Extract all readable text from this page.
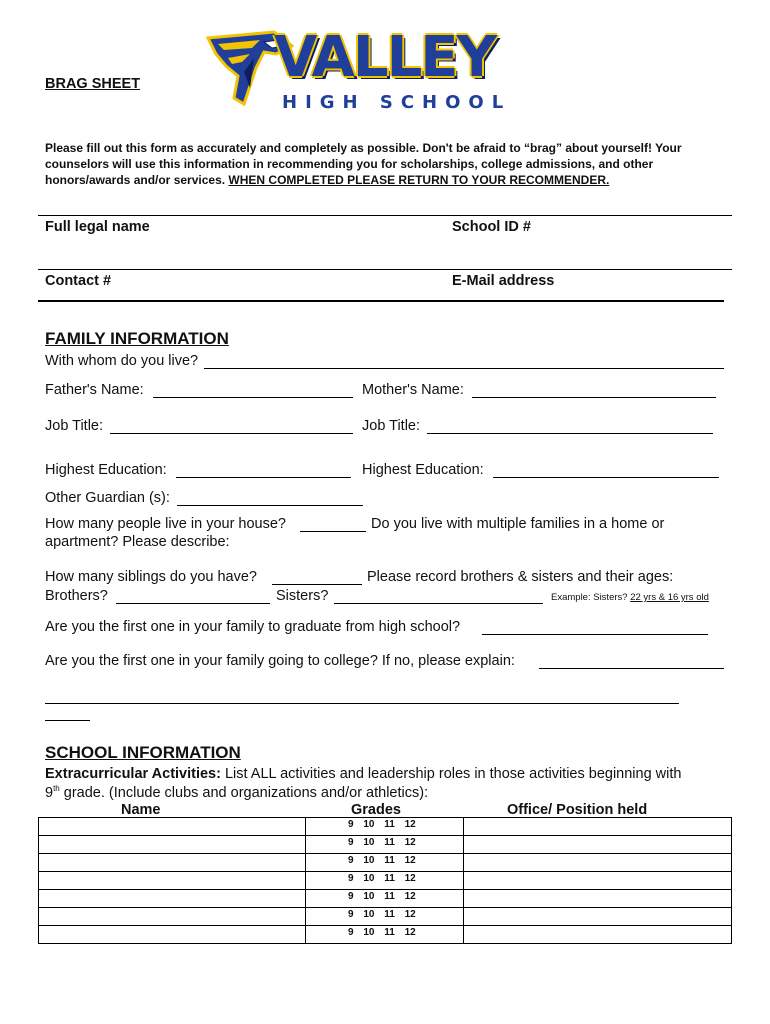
VALLEY
HIGH SCHOOL
BRAG SHEET
Please fill out this form as accurately and completely as possible. Don't be afraid to “brag” about yourself! Your counselors will use this information in recommending you for scholarships, college admissions, and other honors/awards and/or services. WHEN COMPLETED PLEASE RETURN TO YOUR RECOMMENDER.
Full legal name	School ID #
Contact #	E-Mail address
FAMILY INFORMATION
With whom do you live?
Father's Name:	Mother's Name:
Job Title:	Job Title:
Highest Education:	Highest Education:
Other Guardian (s):
How many people live in your house?	Do you live with multiple families in a home or
apartment? Please describe:
How many siblings do you have?	Please record brothers & sisters and their ages:
Brothers?	Sisters?	Example: Sisters? 22 yrs & 16 yrs old
Are you the first one in your family to graduate from high school?
Are you the first one in your family going to college? If no, please explain:
SCHOOL INFORMATION
Extracurricular Activities: List ALL activities and leadership roles in those activities beginning with
9th grade. (Include clubs and organizations and/or athletics):
Name	Grades	Office/ Position held
	9 10 11 12	
	9 10 11 12	
	9 10 11 12	
	9 10 11 12	
	9 10 11 12	
	9 10 11 12	
	9 10 11 12	
